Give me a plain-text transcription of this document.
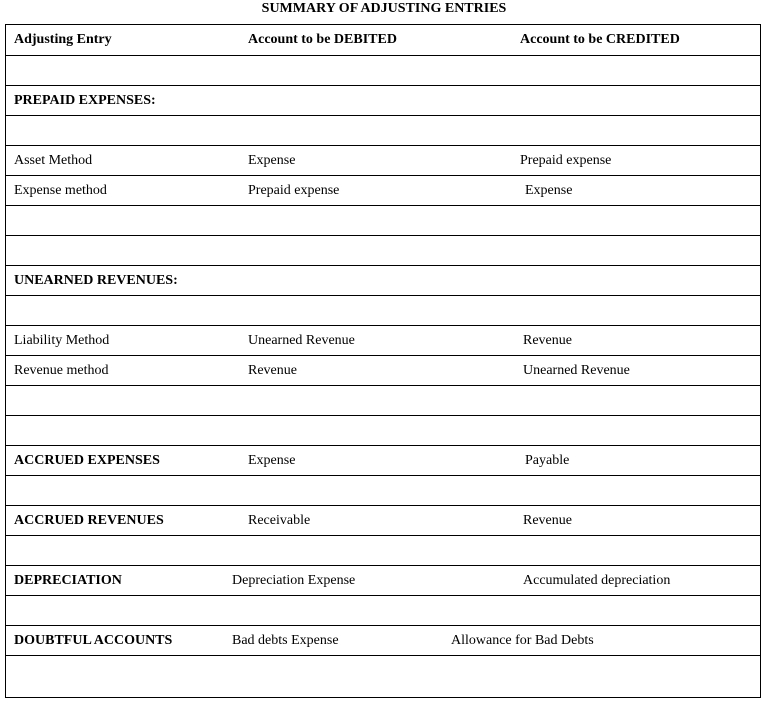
SUMMARY OF ADJUSTING ENTRIES
Adjusting Entry	Account to be DEBITED	Account to be CREDITED
PREPAID EXPENSES:
Asset Method	Expense	Prepaid expense
Expense method	Prepaid expense	Expense
UNEARNED REVENUES:
Liability Method	Unearned Revenue	Revenue
Revenue method	Revenue	Unearned Revenue
ACCRUED EXPENSES	Expense	Payable
ACCRUED REVENUES	Receivable	Revenue
DEPRECIATION	Depreciation Expense	Accumulated depreciation
DOUBTFUL ACCOUNTS	Bad debts Expense	Allowance for Bad Debts
